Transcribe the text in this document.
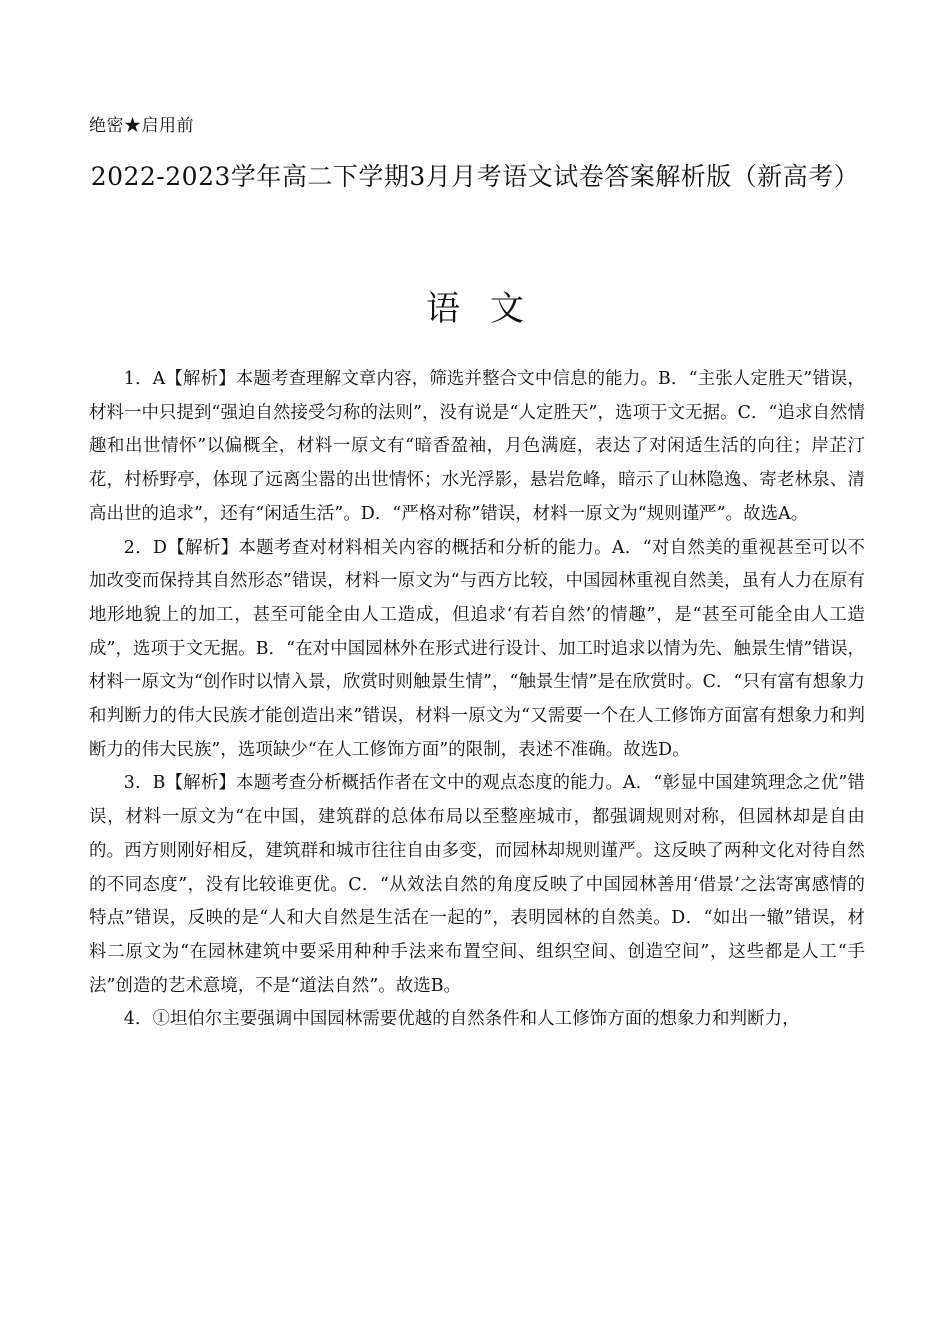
绝密★启用前
2022-2023学年高二下学期3月月考语文试卷答案解析版（新高考）
语文

1．A【解析】本题考查理解文章内容，筛选并整合文中信息的能力。B．“主张人定胜天”错误，材料一中只提到“强迫自然接受匀称的法则”，没有说是“人定胜天”，选项于文无据。C．“追求自然情趣和出世情怀”以偏概全，材料一原文有“暗香盈袖，月色满庭，表达了对闲适生活的向往；岸芷汀花，村桥野亭，体现了远离尘嚣的出世情怀；水光浮影，悬岩危峰，暗示了山林隐逸、寄老林泉、清高出世的追求”，还有“闲适生活”。D．“严格对称”错误，材料一原文为“规则谨严”。故选A。

2．D【解析】本题考查对材料相关内容的概括和分析的能力。A．“对自然美的重视甚至可以不加改变而保持其自然形态”错误，材料一原文为“与西方比较，中国园林重视自然美，虽有人力在原有地形地貌上的加工，甚至可能全由人工造成，但追求‘有若自然’的情趣”，是“甚至可能全由人工造成”，选项于文无据。B．“在对中国园林外在形式进行设计、加工时追求以情为先、触景生情”错误，材料一原文为“创作时以情入景，欣赏时则触景生情”，“触景生情”是在欣赏时。C．“只有富有想象力和判断力的伟大民族才能创造出来”错误，材料一原文为“又需要一个在人工修饰方面富有想象力和判断力的伟大民族”，选项缺少“在人工修饰方面”的限制，表述不准确。故选D。

3．B【解析】本题考查分析概括作者在文中的观点态度的能力。A．“彰显中国建筑理念之优”错误，材料一原文为“在中国，建筑群的总体布局以至整座城市，都强调规则对称，但园林却是自由的。西方则刚好相反，建筑群和城市往往自由多变，而园林却规则谨严。这反映了两种文化对待自然的不同态度”，没有比较谁更优。C．“从效法自然的角度反映了中国园林善用‘借景’之法寄寓感情的特点”错误，反映的是“人和大自然是生活在一起的”，表明园林的自然美。D．“如出一辙”错误，材料二原文为“在园林建筑中要采用种种手法来布置空间、组织空间、创造空间”，这些都是人工“手法”创造的艺术意境，不是“道法自然”。故选B。

4．①坦伯尔主要强调中国园林需要优越的自然条件和人工修饰方面的想象力和判断力，
